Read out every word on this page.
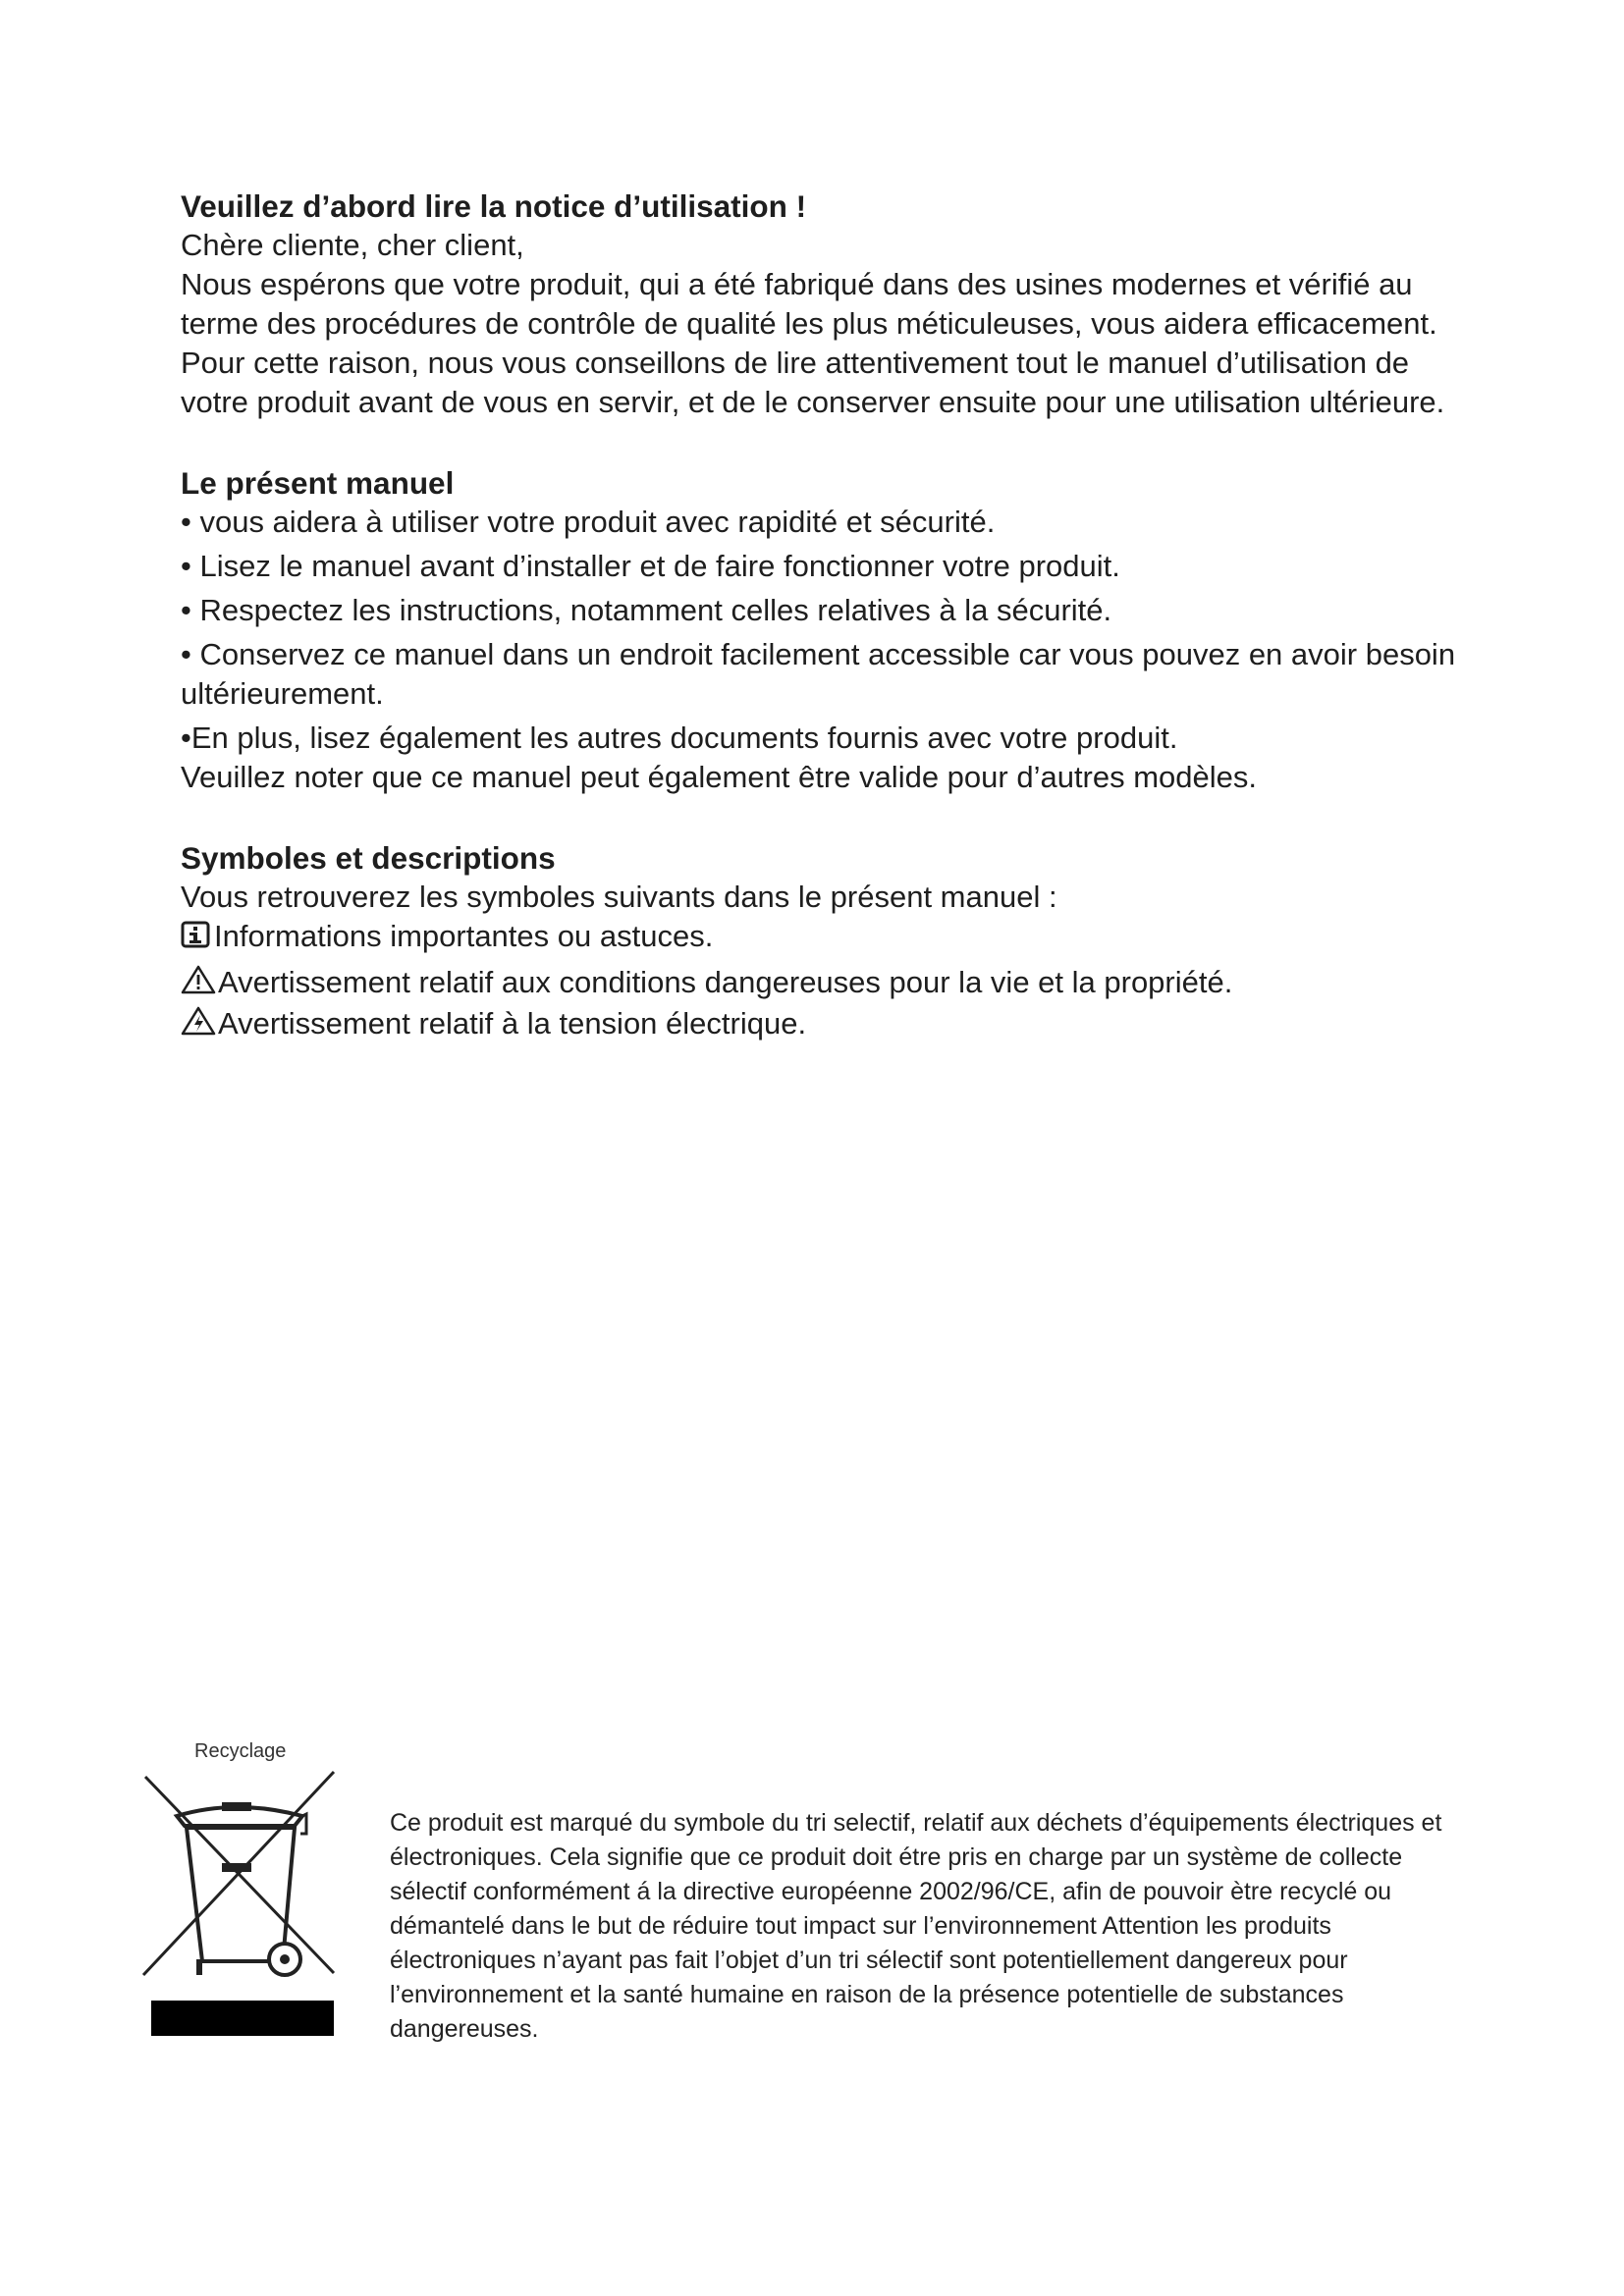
Veuillez d’abord lire la notice d’utilisation !

Chère cliente, cher client,

Nous espérons que votre produit, qui a été fabriqué dans des usines modernes et vérifié au terme des procédures de contrôle de qualité les plus méticuleuses, vous aidera efficacement.

Pour cette raison, nous vous conseillons de lire attentivement tout le manuel d’utilisation de votre produit avant de vous en servir, et de le conserver ensuite pour une utilisation ultérieure.

Le présent manuel

• vous aidera à utiliser votre produit avec rapidité et sécurité.

• Lisez le manuel avant d’installer et de faire fonctionner votre produit.

• Respectez les instructions, notamment celles relatives à la sécurité.

• Conservez ce manuel dans un endroit facilement accessible car vous pouvez en avoir besoin ultérieurement.

•En plus, lisez également les autres documents fournis avec votre produit.

Veuillez noter que ce manuel peut également être valide pour d’autres modèles.

Symboles et descriptions

Vous retrouverez les symboles suivants dans le présent manuel :

Informations importantes ou astuces.

Avertissement relatif aux conditions dangereuses pour la vie et la propriété.

Avertissement relatif à la tension électrique.

Recyclage
Ce produit est marqué du symbole du tri selectif, relatif aux déchets d’équipements électriques et électroniques. Cela signifie que ce produit doit étre pris en charge par un système de collecte sélectif conformément á la directive européenne 2002/96/CE, afin de pouvoir ètre recyclé ou démantelé dans le but de réduire tout impact sur l’environnement Attention les produits électroniques n’ayant pas fait l’objet d’un tri sélectif sont potentiellement dangereux pour l’environnement et la santé humaine en raison de la présence potentielle de substances dangereuses.
